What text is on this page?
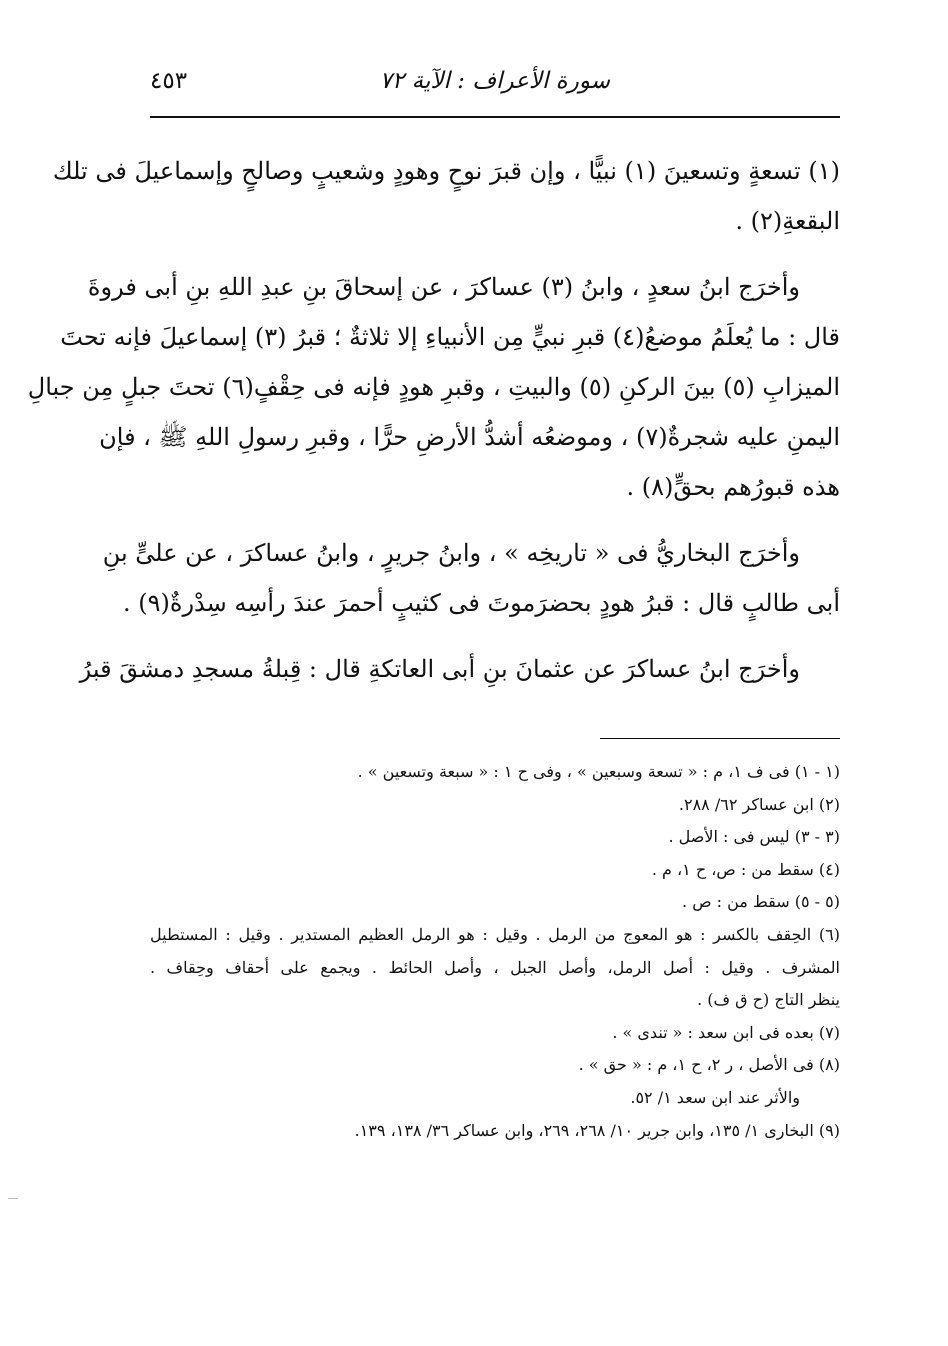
سورة الأعراف : الآية ٧٢
٤٥٣
(١) تسعةٍ وتسعينَ (١) نبيًّا ، وإن قبرَ نوحٍ وهودٍ وشعيبٍ وصالحٍ وإسماعيلَ فى تلك
البقعةِ(٢) .
وأخرَج ابنُ سعدٍ ، وابنُ (٣) عساكرَ ، عن إسحاقَ بنِ عبدِ اللهِ بنِ أبى فروةَ
قال : ما يُعلَمُ موضعُ(٤) قبرِ نبيٍّ مِن الأنبياءِ إلا ثلاثةٌ ؛ قبرُ (٣) إسماعيلَ فإنه تحتَ
الميزابِ (٥) بينَ الركنِ (٥) والبيتِ ، وقبرِ هودٍ فإنه فى حِقْفٍ(٦) تحتَ جبلٍ مِن جبالِ
اليمنِ عليه شجرةٌ(٧) ، وموضعُه أشدُّ الأرضِ حرًّا ، وقبرِ رسولِ اللهِ ﷺ ، فإن
هذه قبورُهم بحقٍّ(٨) .
وأخرَج البخاريُّ فى « تاريخِه » ، وابنُ جريرٍ ، وابنُ عساكرَ ، عن علىٍّ بنِ
أبى طالبٍ قال : قبرُ هودٍ بحضرَموتَ فى كثيبٍ أحمرَ عندَ رأسِه سِدْرةٌ(٩) .
وأخرَج ابنُ عساكرَ عن عثمانَ بنِ أبى العاتكةِ قال : قِبلةُ مسجدِ دمشقَ قبرُ
(١ - ١) فى ف ١، م : « تسعة وسبعين » ، وفى ح ١ : « سبعة وتسعين » .
(٢) ابن عساكر ٦٢/ ٢٨٨.
(٣ - ٣) ليس فى : الأصل .
(٤) سقط من : ص، ح ١، م .
(٥ - ٥) سقط من : ص .
(٦) الحِقف بالكسر : هو المعوج من الرمل . وقيل : هو الرمل العظيم المستدير . وقيل : المستطيل
المشرف . وقيل : أصل الرمل، وأصل الجبل ، وأصل الحائط . ويجمع على أحقاف وحِقاف .
ينظر التاج (ح ق ف) .
(٧) بعده فى ابن سعد : « تندى » .
(٨) فى الأصل ، ر ٢، ح ١، م : « حق » .
والأثر عند ابن سعد ١/ ٥٢.
(٩) البخارى ١/ ١٣٥، وابن جرير ١٠/ ٢٦٨، ٢٦٩، وابن عساكر ٣٦/ ١٣٨، ١٣٩.
